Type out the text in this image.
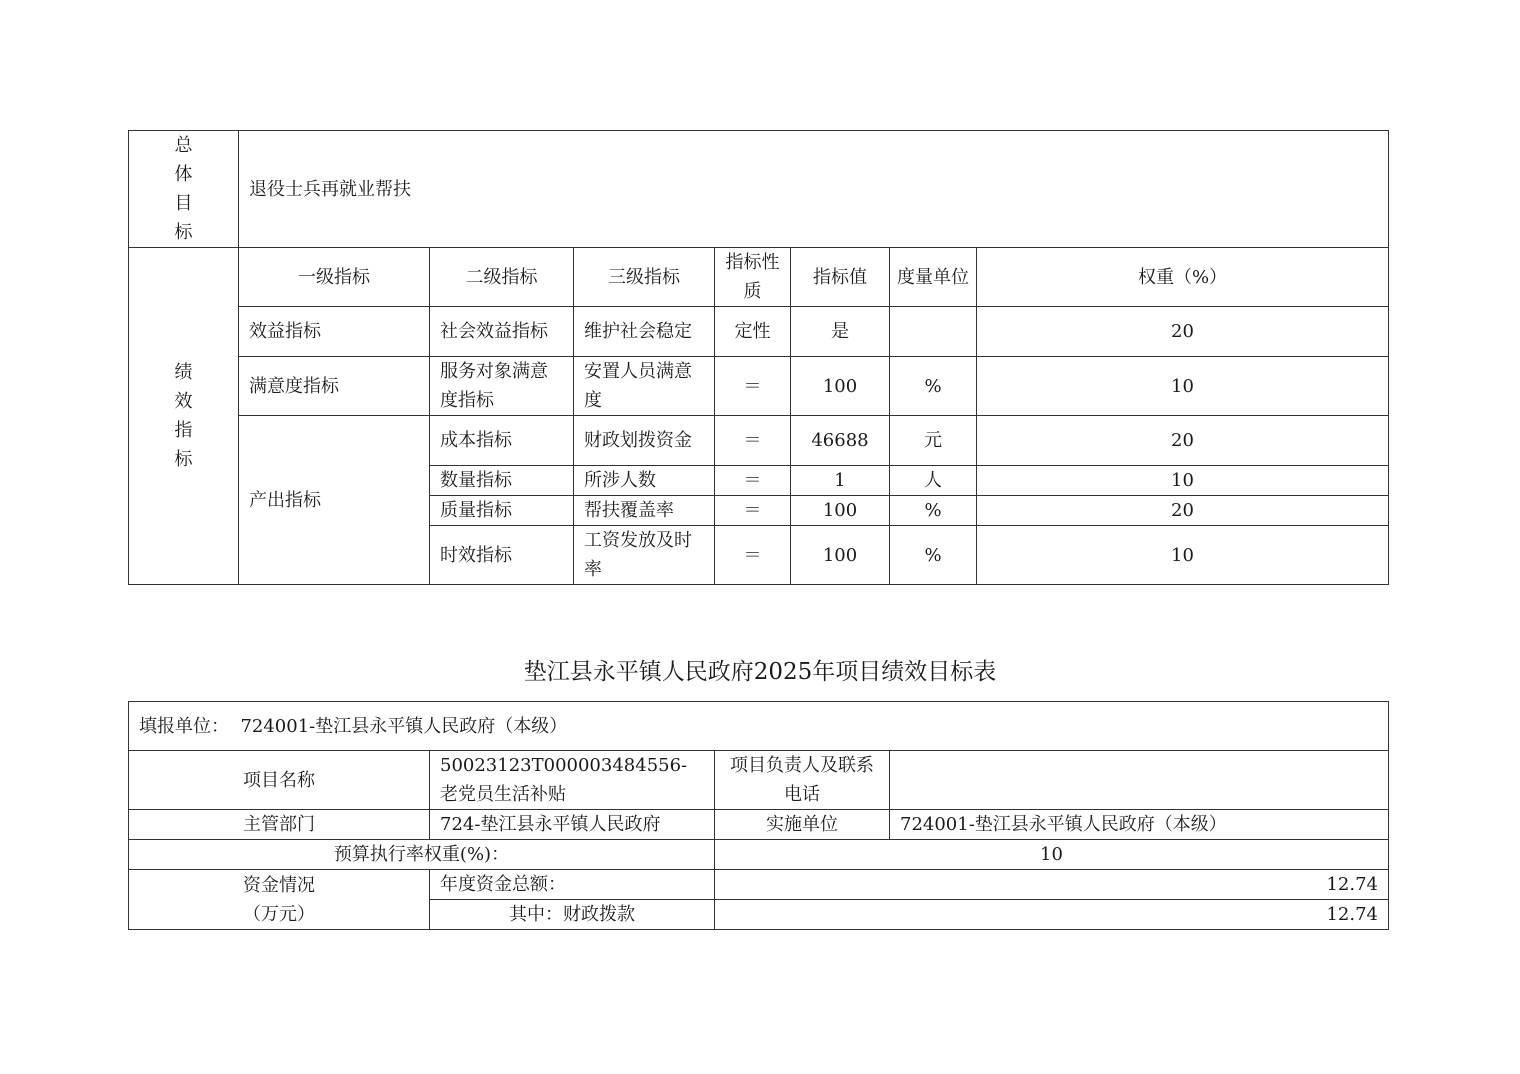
总
体
目
标	退役士兵再就业帮扶						

绩
效
指
标	一级指标	二级指标	三级指标	指标性质	指标值	度量单位	权重（%）
	效益指标	社会效益指标	维护社会稳定	定性	是		20
	满意度指标	服务对象满意度指标	安置人员满意度	＝	100	%	10
	产出指标	成本指标	财政划拨资金	＝	46688	元	20
		数量指标	所涉人数	＝	1	人	10
		质量指标	帮扶覆盖率	＝	100	%	20
		时效指标	工资发放及时率	＝	100	%	10
垫江县永平镇人民政府2025年项目绩效目标表
填报单位：  724001-垫江县永平镇人民政府（本级）			
项目名称	50023123T000003484556-老党员生活补贴	项目负责人及联系电话	
主管部门	724-垫江县永平镇人民政府	实施单位	724001-垫江县永平镇人民政府（本级）
预算执行率权重(%)：		10	

资金情况
（万元）	年度资金总额：	12.74	
	其中：财政拨款	12.74	
